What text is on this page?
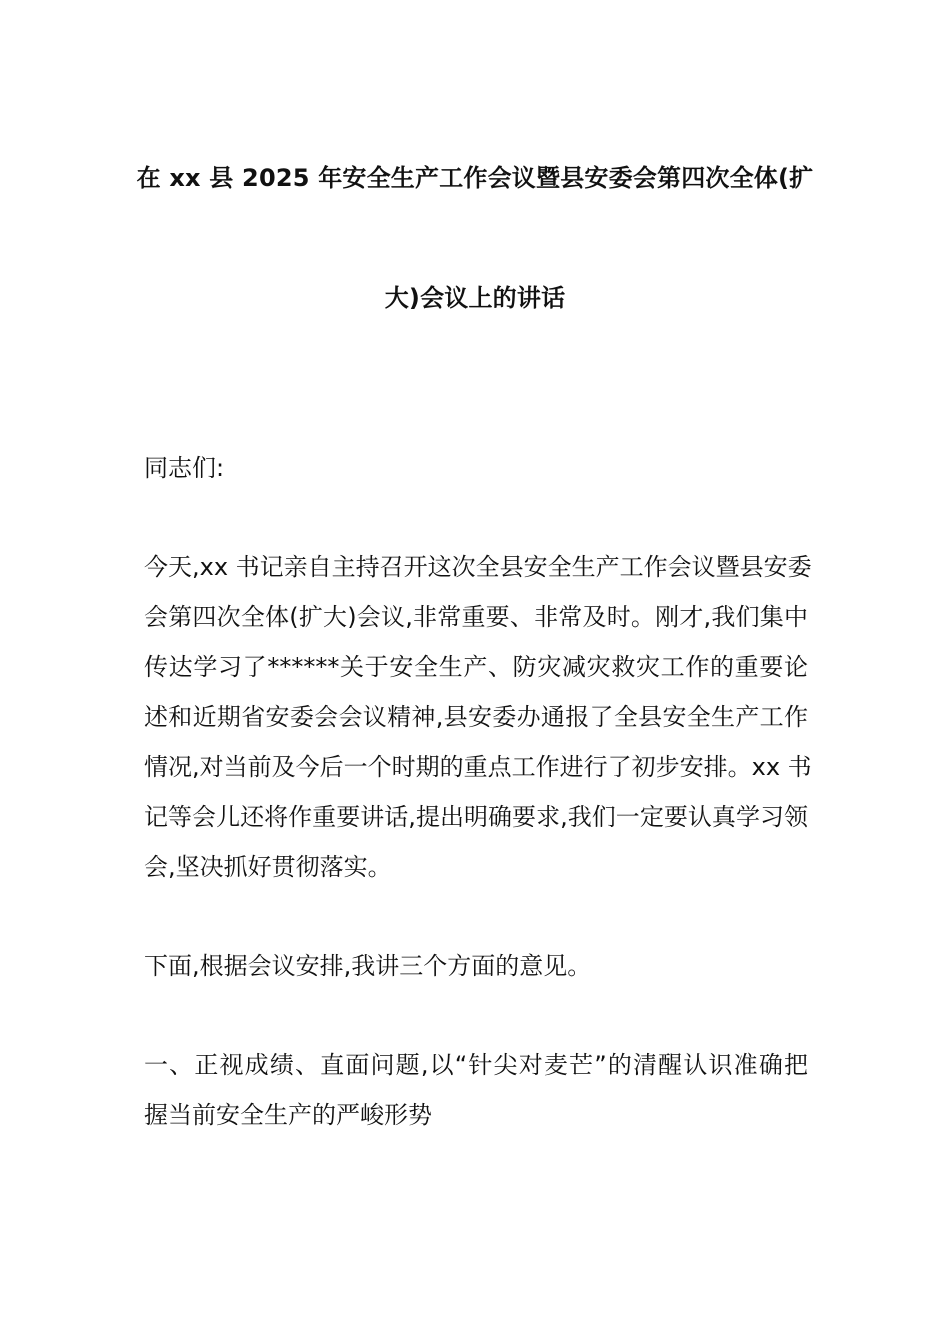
在 xx 县 2025 年安全生产工作会议暨县安委会第四次全体(扩
大)会议上的讲话
同志们:
今天,xx 书记亲自主持召开这次全县安全生产工作会议暨县安委
会第四次全体(扩大)会议,非常重要、非常及时。刚才,我们集中
传达学习了******关于安全生产、防灾减灾救灾工作的重要论
述和近期省安委会会议精神,县安委办通报了全县安全生产工作
情况,对当前及今后一个时期的重点工作进行了初步安排。xx 书
记等会儿还将作重要讲话,提出明确要求,我们一定要认真学习领
会,坚决抓好贯彻落实。
下面,根据会议安排,我讲三个方面的意见。
一、正视成绩、直面问题,以“针尖对麦芒”的清醒认识准确把
握当前安全生产的严峻形势
